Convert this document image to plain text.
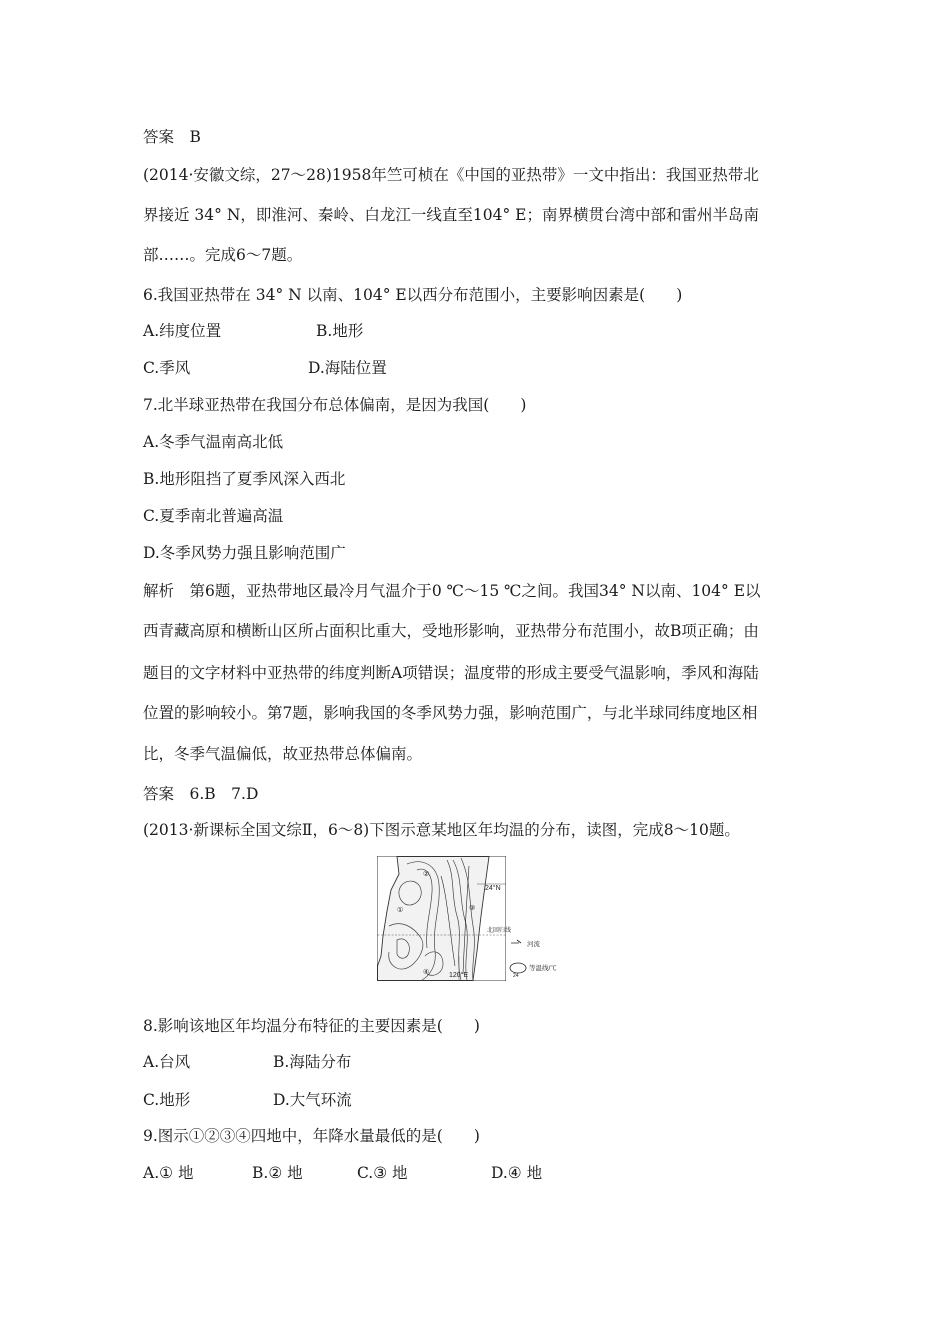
答案　B
(2014·安徽文综，27～28)1958年竺可桢在《中国的亚热带》一文中指出：我国亚热带北
界接近 34° N，即淮河、秦岭、白龙江一线直至104° E；南界横贯台湾中部和雷州半岛南
部……。完成6～7题。
6.我国亚热带在 34° N 以南、104° E以西分布范围小，主要影响因素是(　　)
A.纬度位置	B.地形
C.季风	D.海陆位置
7.北半球亚热带在我国分布总体偏南，是因为我国(　　)
A.冬季气温南高北低
B.地形阻挡了夏季风深入西北
C.夏季南北普遍高温
D.冬季风势力强且影响范围广
解析　第6题，亚热带地区最冷月气温介于0 ℃～15 ℃之间。我国34° N以南、104° E以
西青藏高原和横断山区所占面积比重大，受地形影响，亚热带分布范围小，故B项正确；由
题目的文字材料中亚热带的纬度判断A项错误；温度带的形成主要受气温影响，季风和海陆
位置的影响较小。第7题，影响我国的冬季风势力强，影响范围广，与北半球同纬度地区相
比，冬季气温偏低，故亚热带总体偏南。
答案　6.B　7.D
(2013·新课标全国文综Ⅱ，6～8)下图示意某地区年均温的分布，读图，完成8～10题。
24°N
北回归线
120°E
①
②
③
④
河流
24
等温线/℃
8.影响该地区年均温分布特征的主要因素是(　　)
A.台风	B.海陆分布
C.地形	D.大气环流
9.图示①②③④四地中，年降水量最低的是(　　)
A.① 地	B.② 地	C.③ 地	D.④ 地
